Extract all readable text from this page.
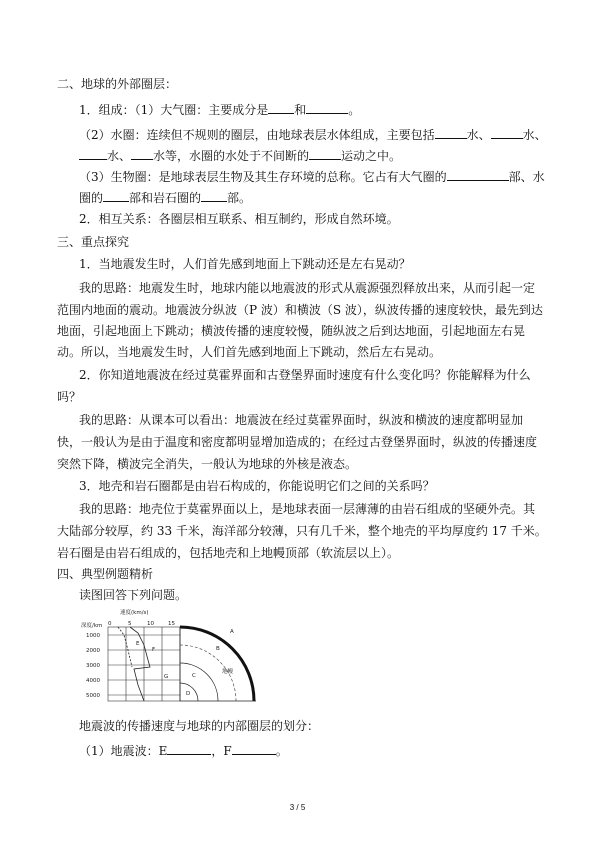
二、地球的外部圈层：
1．组成：（1）大气圈：主要成分是 和	。
（2）水圈：连续但不规则的圈层，由地球表层水体组成，主要包括	水、	水、
水、 水等，水圈的水处于不间断的	运动之中。
（3）生物圈：是地球表层生物及其生存环境的总称。它占有大气圈的	部、水
圈的 部和岩石圈的 部。
2．相互关系：各圈层相互联系、相互制约，形成自然环境。
三、重点探究
1．当地震发生时，人们首先感到地面上下跳动还是左右晃动？
我的思路：地震发生时，地球内能以地震波的形式从震源强烈释放出来，从而引起一定
范围内地面的震动。地震波分纵波（P 波）和横波（S 波），纵波传播的速度较快，最先到达
地面，引起地面上下跳动；横波传播的速度较慢，随纵波之后到达地面，引起地面左右晃
动。所以，当地震发生时，人们首先感到地面上下跳动，然后左右晃动。
2．你知道地震波在经过莫霍界面和古登堡界面时速度有什么变化吗？你能解释为什么
吗？
我的思路：从课本可以看出：地震波在经过莫霍界面时，纵波和横波的速度都明显加
快，一般认为是由于温度和密度都明显增加造成的；在经过古登堡界面时，纵波的传播速度
突然下降，横波完全消失，一般认为地球的外核是液态。
3．地壳和岩石圈都是由岩石构成的，你能说明它们之间的关系吗？
我的思路：地壳位于莫霍界面以上，是地球表面一层薄薄的由岩石组成的坚硬外壳。其
大陆部分较厚，约 33 千米，海洋部分较薄，只有几千米，整个地壳的平均厚度约 17 千米。
岩石圈是由岩石组成的，包括地壳和上地幔顶部（软流层以上）。
四、典型例题精析
读图回答下列问题。
速度(km/s)
深度/km 0	5	10	15
1000
2000
3000
4000
5000
A
B
C
D
E
F
G
地幔
地震波的传播速度与地球的内部圈层的划分：
（1）地震波：E	，F	。
3 / 5
